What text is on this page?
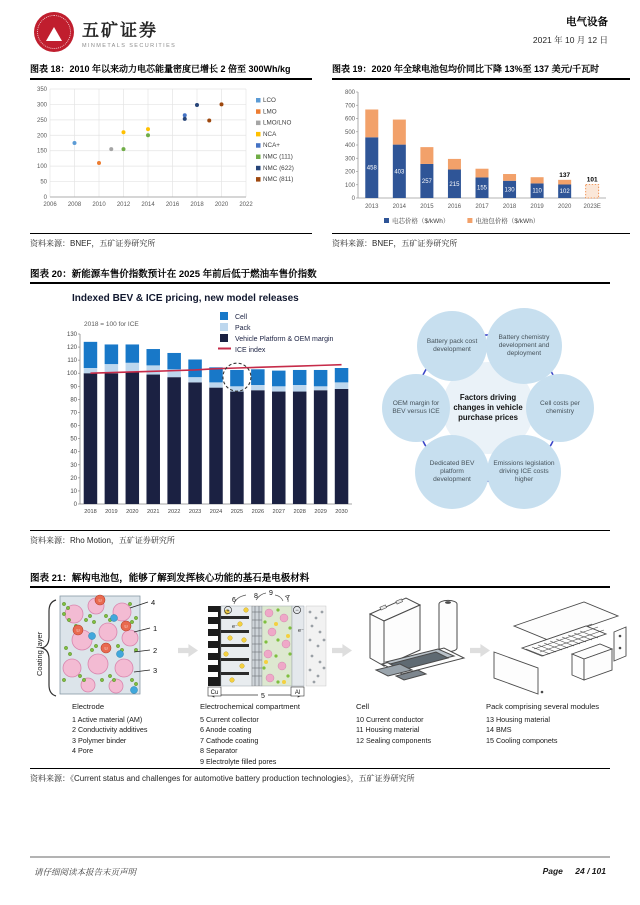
五矿证券
MINMETALS SECURITIES
电气设备
2021 年 10 月 12 日
图表 18：2010 年以来动力电芯能量密度已增长 2 倍至 300Wh/kg
0
50
100
150
200
250
300
350
2006 2008 2010 2012 2014 2016 2018 2020 2022
LCO
LMO
LMO/LNO
NCA
NCA+
NMC (111)
NMC (622)
NMC (811)
资料来源：BNEF，五矿证券研究所
图表 19：2020 年全球电池包均价同比下降 13%至 137 美元/千瓦时
0
100
200
300
400
500
600
700
800
458
2013
403
2014
257
2015
215
2016
155
2017
130
2018
110
2019
102
137
2020
101
2023E
电芯价格（$/kWh）	电池包价格（$/kWh）
资料来源：BNEF，五矿证券研究所
图表 20：新能源车售价指数预计在 2025 年前后低于燃油车售价指数
Indexed BEV & ICE pricing, new model releases
0
10
20
30
40
50
60
70
80
90
100
110
120
130
2018 = 100 for ICE
2018 2019 2020 2021 2022 2023 2024 2025 2026 2027 2028 2029 2030
Cell
Pack
Vehicle Platform & OEM margin
ICE index
Factors driving changes in vehicle purchase prices
Battery pack cost development
Battery chemistry development and deployment
Cell costs per chemistry
Emissions legislation driving ICE costs higher
Dedicated BEV platform development
OEM margin for BEV versus ICE
资料来源：Rho Motion，五矿证券研究所
图表 21：解构电池包，能够了解到发挥核心功能的基石是电极材料
Coating layer
Li
Li
Li
Li
4
1
2
3
6
8 9
7
+	−
e⁻
e⁻
5
Cu	Al
Electrode
1 Active material (AM)
2 Conductivity additives
3 Polymer binder
4 Pore
Electrochemical compartment
5 Current collector
6 Anode coating
7 Cathode coating
8 Separator
9 Electrolyte filled pores
Cell
10 Current conductor
11 Housing material
12 Sealing components
Pack comprising several modules
13 Housing material
14 BMS
15 Cooling componets
资料来源：《Current status and challenges for automotive battery production technologies》，五矿证券研究所
请仔细阅读本报告末页声明	Page 24 / 101
